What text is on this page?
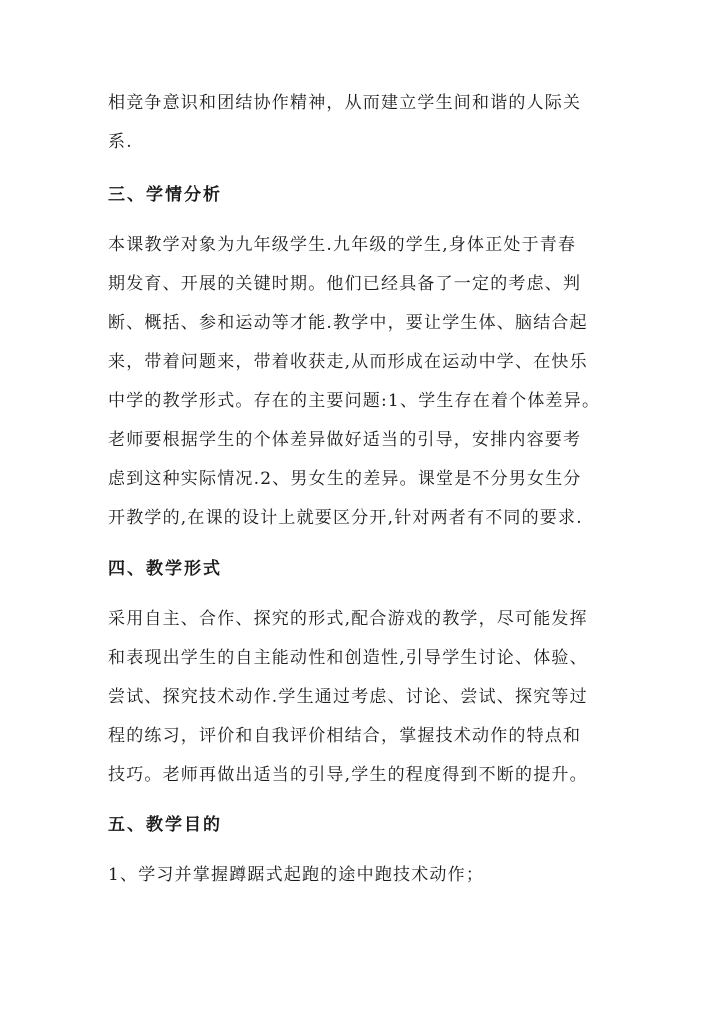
相竞争意识和团结协作精神，从而建立学生间和谐的人际关
系.
三、学情分析
本课教学对象为九年级学生.九年级的学生,身体正处于青春
期发育、开展的关键时期。他们已经具备了一定的考虑、判
断、概括、参和运动等才能.教学中，要让学生体、脑结合起
来，带着问题来，带着收获走,从而形成在运动中学、在快乐
中学的教学形式。存在的主要问题:1、学生存在着个体差异。
老师要根据学生的个体差异做好适当的引导，安排内容要考
虑到这种实际情况.2、男女生的差异。课堂是不分男女生分
开教学的,在课的设计上就要区分开,针对两者有不同的要求.
四、教学形式
采用自主、合作、探究的形式,配合游戏的教学，尽可能发挥
和表现出学生的自主能动性和创造性,引导学生讨论、体验、
尝试、探究技术动作.学生通过考虑、讨论、尝试、探究等过
程的练习，评价和自我评价相结合，掌握技术动作的特点和
技巧。老师再做出适当的引导,学生的程度得到不断的提升。
五、教学目的
1、学习并掌握蹲踞式起跑的途中跑技术动作；
